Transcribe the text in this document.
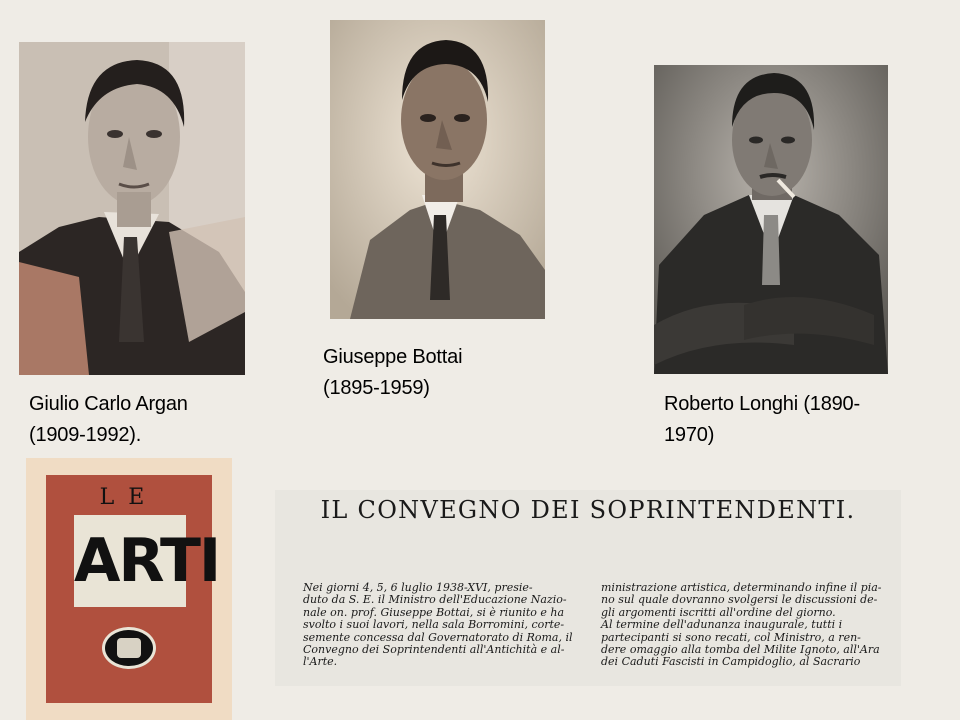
Giulio Carlo Argan
(1909-1992).
Giuseppe Bottai
(1895-1959)
Roberto Longhi (1890-
1970)
LE
ARTI
IL CONVEGNO DEI SOPRINTENDENTI.
Nei giorni 4, 5, 6 luglio 1938-XVI, presie-
duto da S. E. il Ministro dell'Educazione Nazio-
nale on. prof. Giuseppe Bottai, si è riunito e ha
svolto i suoi lavori, nella sala Borromini, corte-
semente concessa dal Governatorato di Roma, il
Convegno dei Soprintendenti all'Antichità e al-
l'Arte.
ministrazione artistica, determinando infine il pia-
no sul quale dovranno svolgersi le discussioni de-
gli argomenti iscritti all'ordine del giorno.
Al termine dell'adunanza inaugurale, tutti i
partecipanti si sono recati, col Ministro, a ren-
dere omaggio alla tomba del Milite Ignoto, all'Ara
dei Caduti Fascisti in Campidoglio, al Sacrario
